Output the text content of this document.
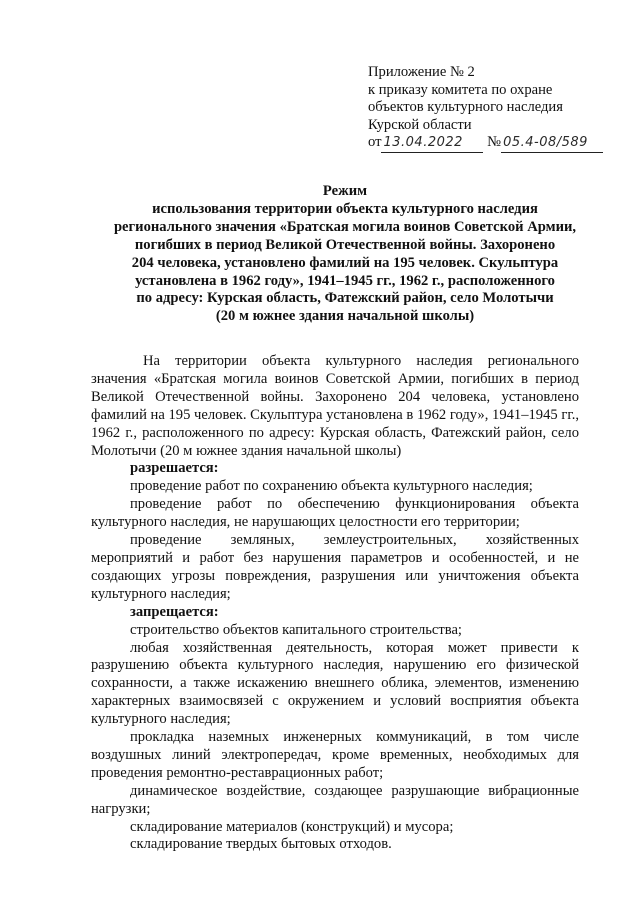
Приложение № 2
к приказу комитета по охране
объектов культурного наследия
Курской области
от 13.04.2022 № 05.4-08/589
Режим
использования территории объекта культурного наследия
регионального значения «Братская могила воинов Советской Армии,
погибших в период Великой Отечественной войны. Захоронено
204 человека, установлено фамилий на 195 человек. Скульптура
установлена в 1962 году», 1941–1945 гг., 1962 г., расположенного
по адресу: Курская область, Фатежский район, село Молотычи
(20 м южнее здания начальной школы)

На территории объекта культурного наследия регионального значения «Братская могила воинов Советской Армии, погибших в период Великой Отечественной войны. Захоронено 204 человека, установлено фамилий на 195 человек. Скульптура установлена в 1962 году», 1941–1945 гг., 1962 г., расположенного по адресу: Курская область, Фатежский район, село Молотычи (20 м южнее здания начальной школы)

разрешается:

проведение работ по сохранению объекта культурного наследия;

проведение работ по обеспечению функционирования объекта культурного наследия, не нарушающих целостности его территории;

проведение земляных, землеустроительных, хозяйственных мероприятий и работ без нарушения параметров и особенностей, и не создающих угрозы повреждения, разрушения или уничтожения объекта культурного наследия;

запрещается:

строительство объектов капитального строительства;

любая хозяйственная деятельность, которая может привести к разрушению объекта культурного наследия, нарушению его физической сохранности, а также искажению внешнего облика, элементов, изменению характерных взаимосвязей с окружением и условий восприятия объекта культурного наследия;

прокладка наземных инженерных коммуникаций, в том числе воздушных линий электропередач, кроме временных, необходимых для проведения ремонтно-реставрационных работ;

динамическое воздействие, создающее разрушающие вибрационные нагрузки;

складирование материалов (конструкций) и мусора;

складирование твердых бытовых отходов.
